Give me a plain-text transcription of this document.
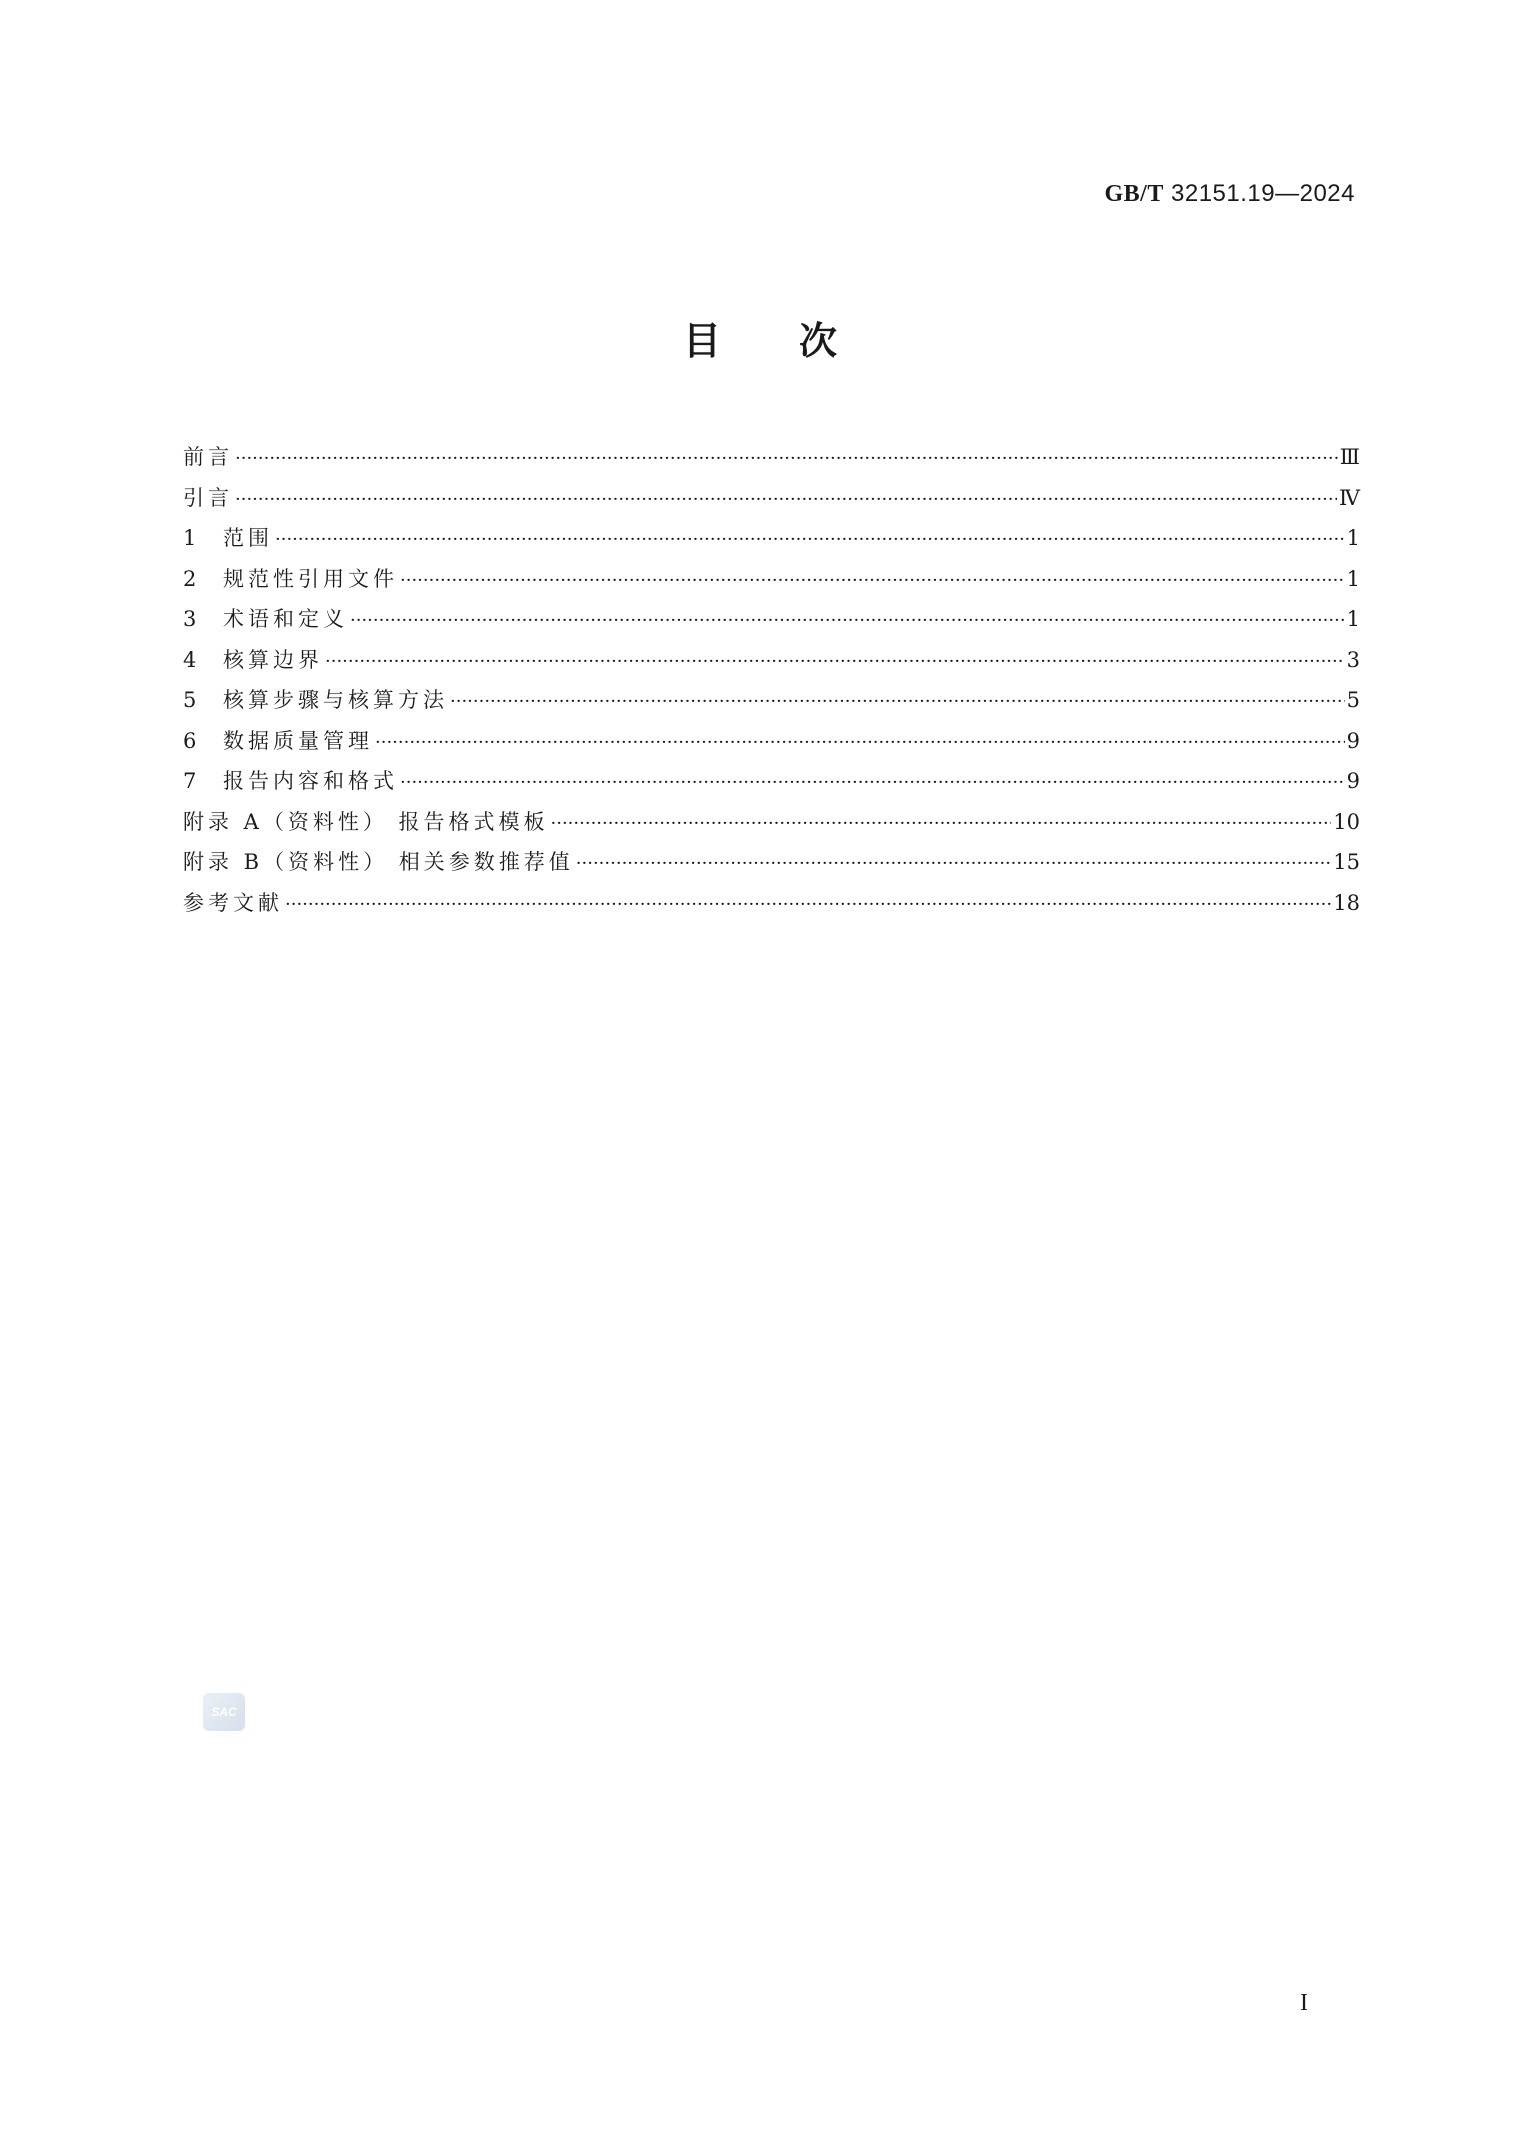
GB/T 32151.19—2024
目次
前言 ·····	Ⅲ
引言 ·····	Ⅳ
1	范围 ·····	1
2	规范性引用文件 ·····	1
3	术语和定义 ·····	1
4	核算边界 ·····	3
5	核算步骤与核算方法 ·····	5
6	数据质量管理 ·····	9
7	报告内容和格式 ·····	9
附录 A（资料性） 报告格式模板 ·····	10
附录 B（资料性） 相关参数推荐值 ·····	15
参考文献 ·····	18
SAC
I
